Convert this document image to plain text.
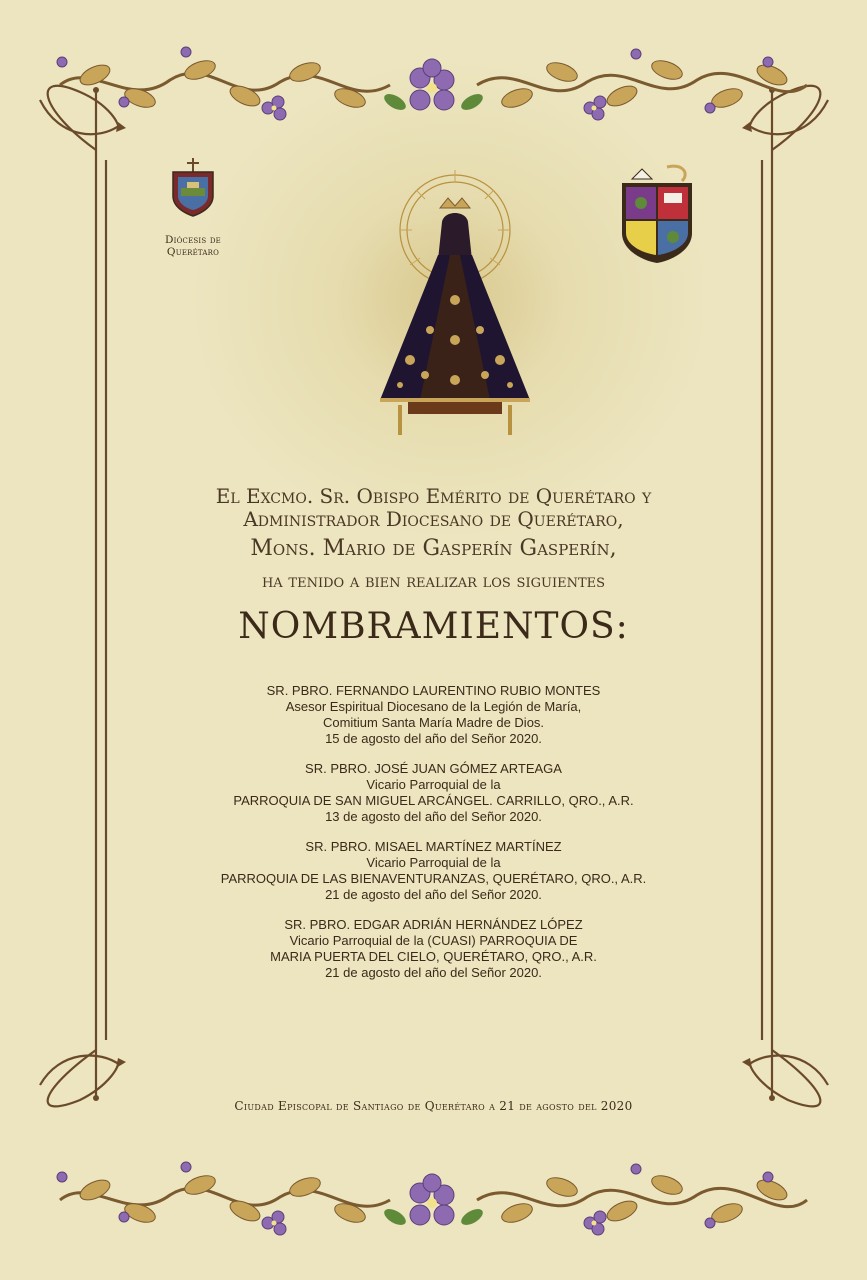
Diócesis de
Querétaro
El Excmo. Sr. Obispo Emérito de Querétaro y
Administrador Diocesano de Querétaro,
Mons. Mario de Gasperín Gasperín,
ha tenido a bien realizar los siguientes
NOMBRAMIENTOS:
SR. PBRO. FERNANDO LAURENTINO RUBIO MONTES
Asesor Espiritual Diocesano de la Legión de María,
Comitium Santa María Madre de Dios.
15 de agosto del año del Señor 2020.
SR. PBRO. JOSÉ JUAN GÓMEZ ARTEAGA
Vicario Parroquial de la
PARROQUIA DE SAN MIGUEL ARCÁNGEL. CARRILLO, QRO., A.R.
13 de agosto del año del Señor 2020.
SR. PBRO. MISAEL MARTÍNEZ MARTÍNEZ
Vicario Parroquial de la
PARROQUIA DE LAS BIENAVENTURANZAS, QUERÉTARO, QRO., A.R.
21 de agosto del año del Señor 2020.
SR. PBRO. EDGAR ADRIÁN HERNÁNDEZ LÓPEZ
Vicario Parroquial de la (CUASI) PARROQUIA DE
MARIA PUERTA DEL CIELO, QUERÉTARO, QRO., A.R.
21 de agosto del año del Señor 2020.
Ciudad Episcopal de Santiago de Querétaro a 21 de agosto del 2020
